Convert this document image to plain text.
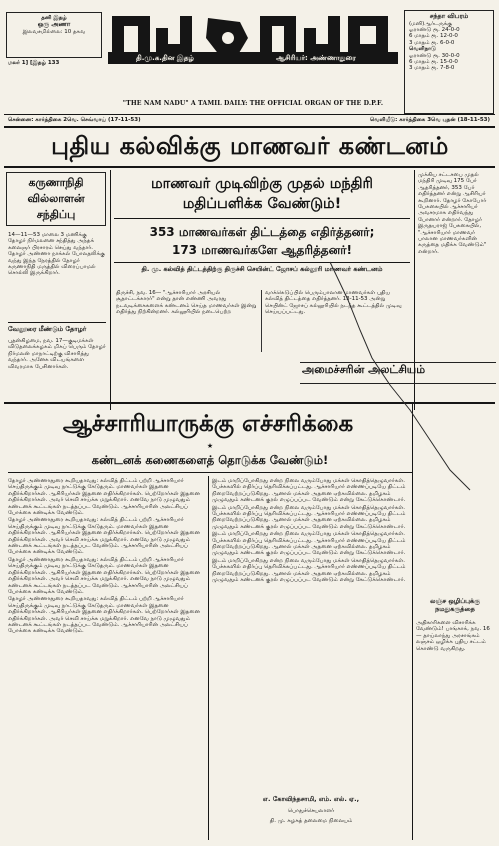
தனி இதழ்
ஒரு அணா
இலவசமில்லை: 10 தகவ
மலர் 1] [இதழ் 133
தி.மு.க.தின இதழ்	ஆசிரியர்: அண்ணாதுரை
சந்தா விபரம்
(மனி)ஆர்டருக்கு
ஓராண்டு ரூ. 24-0-0
6 மாதம் ரூ. 12-0-0
3 மாதம் ரூ. 6-0-0
வெளிநாடு
ஓராண்டு ரூ. 30-0-0
6 மாதம் ரூ. 15-0-0
3 மாதம் ரூ. 7-8-0
"THE NAM NADU" A TAMIL DAILY: THE OFFICIAL ORGAN OF THE D.P.F.
சென்னை: கார்த்திகை 2வெ. செவ்வாய் (17-11-53)	வெளியீடு: கார்த்திகை 3வெ புதன் (18-11-53)
புதிய கல்விக்கு மாணவர் கண்டனம்
கருணாநிதி வில்லாளன் சந்திப்பு

14—11—53 மாலை 3 மணிக்கு தோழர் நிர்மலனை சந்தித்து அந்தக் கலைஞர் பிரசாரம் செய்து வந்தார். தோழர் அண்ணா நாக்கல் போலதலிக்கு வந்து இந்த நேரத்தில் தோழர் கருணாநிதி மருத்தில் விரைப்பாமல் சொல்லி இருக்கிறார்.

வேலூரை மீண்டும் தோழர்

புதன்கிழமை, நவ. 17—குடிமக்கள் விடுதலைக்கழகம் மிகப் பெரும் தோழர் நிர்மலன் மாநாட்டிற்கு விசாரித்து வந்தார். அனேக விடயங்களை விவரமாக பேசினார்கள்.

மாணவர் முடிவிற்கு முதல் மந்திரி
மதிப்பளிக்க வேண்டும்!
353 மாணவர்கள் திட்டத்தை எதிர்த்தனர்;
173 மாணவர்களே ஆதரித்தனர்!
தி. மு. கல்வித் திட்டத்திற்கு திருச்சி செயின்ட் ஜோசப் கல்லூரி மாணவர் கண்டனம்

திருச்சி, நவ. 16— "ஆச்சாரியார் அரசியல் சூதாட்டக்காரர்" என்று தான் எண்ணி அவரது நடவடிக்கைகளைக் கண்டனம் செய்த மாணவர்கள் இன்று எதிர்த்து நிற்கின்றனர். கல்லூரியில் நடைபெற்ற வாக்கெடுப்பில் பெரும்பாலான மாணவர்கள் புதிய கல்வித் திட்டத்தை எதிர்த்தனர். 13-11-53 அன்று செயின்ட் ஜோசப் கல்லூரியில் நடந்த கூட்டத்தில் முடிவு செய்யப்பட்டது.

முக்கிய சட்டசபை முதல் மந்திரி முடிவு 175 பேர் ஆதரித்தனர், 353 பேர் எதிர்த்தனர் என்று ஆசிரியர் கூறினார். தோழர் கோபோர் பேசுகையில் ஆச்சாரியர் அவசரமாக எதிர்வந்து போனார் என்றார். தோழர் இருதயராஜ் பேசுகையில், "ஆச்சாரியார் மாணவர் பாலான மாணவர்களின் கருத்தை மதிக்க வேண்டும்" என்றார்.

அமைச்சரின் அலட்சியம்
ஆச்சாரியாருக்கு எச்சரிக்கை
★
கண்டனக் கணைகளைத் தொடுக்க வேண்டும்!

தோழர் அண்ணாதுரை கூறியதாவது: கல்வித் திட்டம் பற்றி ஆச்சாரியார் செய்திருக்கும் முடிவு நாட்டுக்கு கேடுதரும். மாணவர்கள் இதனை எதிர்க்கிறார்கள். ஆசிரியர்கள் இதனை எதிர்க்கிறார்கள். பெற்றோர்கள் இதனை எதிர்க்கிறார்கள். அவர் செவி சாய்க்க மறுக்கிறார். எனவே நாடு முழுவதும் கண்டனக் கூட்டங்கள் நடத்தப்பட வேண்டும். ஆச்சாரியாரின் அலட்சியப் போக்கை கண்டிக்க வேண்டும்.

தோழர் அண்ணாதுரை கூறியதாவது: கல்வித் திட்டம் பற்றி ஆச்சாரியார் செய்திருக்கும் முடிவு நாட்டுக்கு கேடுதரும். மாணவர்கள் இதனை எதிர்க்கிறார்கள். ஆசிரியர்கள் இதனை எதிர்க்கிறார்கள். பெற்றோர்கள் இதனை எதிர்க்கிறார்கள். அவர் செவி சாய்க்க மறுக்கிறார். எனவே நாடு முழுவதும் கண்டனக் கூட்டங்கள் நடத்தப்பட வேண்டும். ஆச்சாரியாரின் அலட்சியப் போக்கை கண்டிக்க வேண்டும்.

தோழர் அண்ணாதுரை கூறியதாவது: கல்வித் திட்டம் பற்றி ஆச்சாரியார் செய்திருக்கும் முடிவு நாட்டுக்கு கேடுதரும். மாணவர்கள் இதனை எதிர்க்கிறார்கள். ஆசிரியர்கள் இதனை எதிர்க்கிறார்கள். பெற்றோர்கள் இதனை எதிர்க்கிறார்கள். அவர் செவி சாய்க்க மறுக்கிறார். எனவே நாடு முழுவதும் கண்டனக் கூட்டங்கள் நடத்தப்பட வேண்டும். ஆச்சாரியாரின் அலட்சியப் போக்கை கண்டிக்க வேண்டும்.

தோழர் அண்ணாதுரை கூறியதாவது: கல்வித் திட்டம் பற்றி ஆச்சாரியார் செய்திருக்கும் முடிவு நாட்டுக்கு கேடுதரும். மாணவர்கள் இதனை எதிர்க்கிறார்கள். ஆசிரியர்கள் இதனை எதிர்க்கிறார்கள். பெற்றோர்கள் இதனை எதிர்க்கிறார்கள். அவர் செவி சாய்க்க மறுக்கிறார். எனவே நாடு முழுவதும் கண்டனக் கூட்டங்கள் நடத்தப்பட வேண்டும். ஆச்சாரியாரின் அலட்சியப் போக்கை கண்டிக்க வேண்டும்.

இடம் மாறிப்போகிறது என்ற நிலை வரும்போது மக்கள் கொதித்தெழுவார்கள். பேச்சுகளில் எதிர்ப்பு தெரிவிக்கப்பட்டது. ஆச்சாரியார் எண்ணப்படியே திட்டம் நிறைவேற்றப்படுகிறது. ஆனால் மக்கள் அதனை ஏற்கவில்லை. தமிழகம் முழுவதும் கண்டனக் குரல் எழுப்பப்பட வேண்டும் என்று கேட்டுக்கொண்டார்.

இடம் மாறிப்போகிறது என்ற நிலை வரும்போது மக்கள் கொதித்தெழுவார்கள். பேச்சுகளில் எதிர்ப்பு தெரிவிக்கப்பட்டது. ஆச்சாரியார் எண்ணப்படியே திட்டம் நிறைவேற்றப்படுகிறது. ஆனால் மக்கள் அதனை ஏற்கவில்லை. தமிழகம் முழுவதும் கண்டனக் குரல் எழுப்பப்பட வேண்டும் என்று கேட்டுக்கொண்டார்.

இடம் மாறிப்போகிறது என்ற நிலை வரும்போது மக்கள் கொதித்தெழுவார்கள். பேச்சுகளில் எதிர்ப்பு தெரிவிக்கப்பட்டது. ஆச்சாரியார் எண்ணப்படியே திட்டம் நிறைவேற்றப்படுகிறது. ஆனால் மக்கள் அதனை ஏற்கவில்லை. தமிழகம் முழுவதும் கண்டனக் குரல் எழுப்பப்பட வேண்டும் என்று கேட்டுக்கொண்டார்.

இடம் மாறிப்போகிறது என்ற நிலை வரும்போது மக்கள் கொதித்தெழுவார்கள். பேச்சுகளில் எதிர்ப்பு தெரிவிக்கப்பட்டது. ஆச்சாரியார் எண்ணப்படியே திட்டம் நிறைவேற்றப்படுகிறது. ஆனால் மக்கள் அதனை ஏற்கவில்லை. தமிழகம் முழுவதும் கண்டனக் குரல் எழுப்பப்பட வேண்டும் என்று கேட்டுக்கொண்டார்.

எ. கோவிந்தசாமி, எம். எல். ஏ.,
பொதுச்செயலாளர்
தி. மு. கழகத் தலைமை நிலையம்
லஞ்ச ஒழிப்புக்கு நமதுகருத்தை

அதிகாரிகளை விசாரிக்க வேண்டும்! பாங்காக், நவ. 16 — தாய்லாந்து அரசாங்கம் லஞ்சம் ஒழிக்க புதிய சட்டம் கொண்டு வருகிறது.
